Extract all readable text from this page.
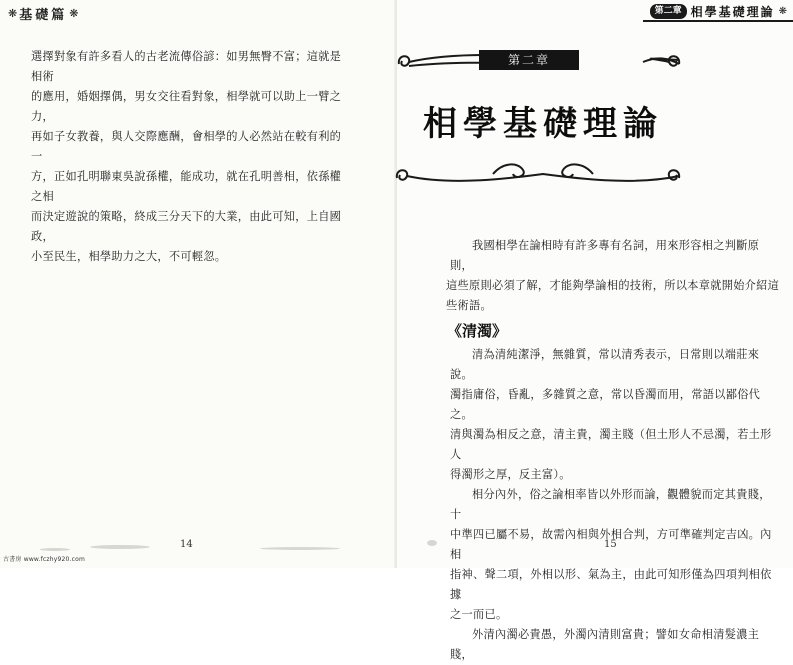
❋ 基礎篇 ❋

選擇對象有許多看人的古老流傳俗諺：如男無臀不富；這就是相術

的應用，婚姻擇偶，男女交往看對象，相學就可以助上一臂之力，

再如子女教養，與人交際應酬，會相學的人必然站在較有利的一

方，正如孔明聯東吳說孫權，能成功，就在孔明善相，依孫權之相

而決定遊說的策略，終成三分天下的大業，由此可知，上自國政，

小至民生，相學助力之大，不可輕忽。

14
古書房 www.fczhy920.com
第二章 相學基礎理論 ❋
第二章
相學基礎理論

我國相學在論相時有許多專有名詞，用來形容相之判斷原則，

這些原則必須了解，才能夠學論相的技術，所以本章就開始介紹這

些術語。

《清濁》

清為清純潔淨，無雜質，常以清秀表示，日常則以端莊來說。

濁指庸俗，昏亂，多雜質之意，常以昏濁而用，常語以鄙俗代之。

清與濁為相反之意，清主貴，濁主賤（但土形人不忌濁，若土形人

得濁形之厚，反主富）。

相分內外，俗之論相率皆以外形而論，觀體貌而定其貴賤，十

中準四已屬不易，故需內相與外相合判，方可準確判定吉凶。內相

指神、聲二項，外相以形、氣為主，由此可知形僅為四項判相依據

之一而已。

外清內濁必貴愚，外濁內清則富貴；譬如女命相清髮濃主賤，

15
